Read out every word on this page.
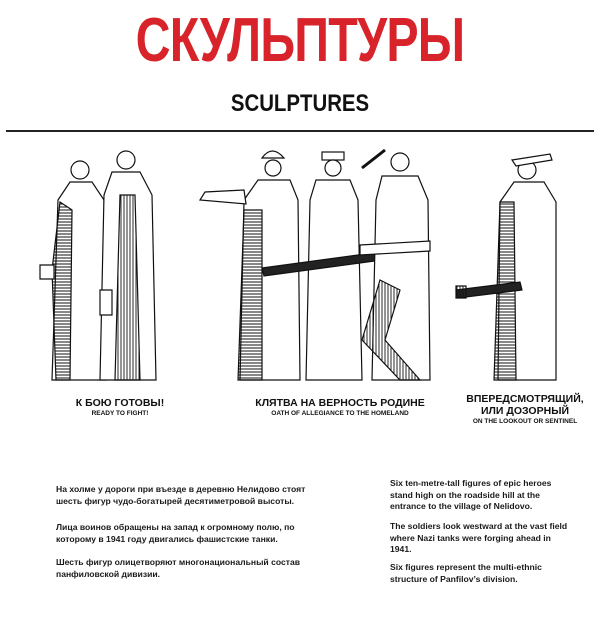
СКУЛЬПТУРЫ
SCULPTURES
К БОЮ ГОТОВЫ!
READY TO FIGHT!
КЛЯТВА НА ВЕРНОСТЬ РОДИНЕ
OATH OF ALLEGIANCE TO THE HOMELAND
ВПЕРЕДСМОТРЯЩИЙ,
ИЛИ ДОЗОРНЫЙ
ON THE LOOKOUT OR SENTINEL

На холме у дороги при въезде в деревню Нелидово стоят шесть фигур чудо-богатырей десятиметровой высоты.

Лица воинов обращены на запад к огромному полю, по которому в 1941 году двигались фашистские танки.

Шесть фигур олицетворяют многонациональный состав панфиловской дивизии.

Six ten-metre-tall figures of epic heroes stand high on the roadside hill at the entrance to the village of Nelidovo.

The soldiers look westward at the vast field where Nazi tanks were forging ahead in 1941.

Six figures represent the multi-ethnic structure of Panfilov’s division.
